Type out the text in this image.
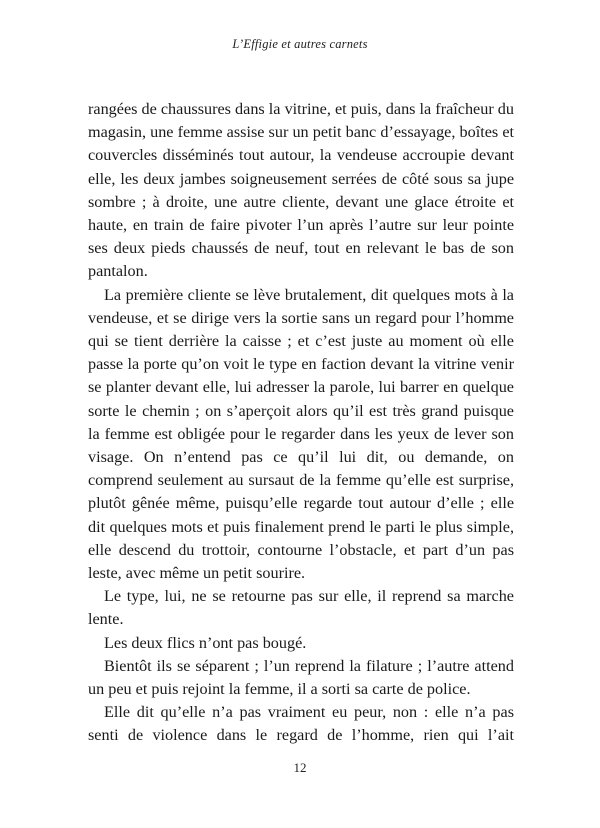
L’Effigie et autres carnets

rangées de chaussures dans la vitrine, et puis, dans la fraîcheur du magasin, une femme assise sur un petit banc d’essayage, boîtes et couvercles disséminés tout autour, la vendeuse accroupie devant elle, les deux jambes soigneusement serrées de côté sous sa jupe sombre ; à droite, une autre cliente, devant une glace étroite et haute, en train de faire pivoter l’un après l’autre sur leur pointe ses deux pieds chaussés de neuf, tout en relevant le bas de son pantalon.

La première cliente se lève brutalement, dit quelques mots à la vendeuse, et se dirige vers la sortie sans un regard pour l’homme qui se tient derrière la caisse ; et c’est juste au moment où elle passe la porte qu’on voit le type en faction devant la vitrine venir se planter devant elle, lui adresser la parole, lui barrer en quelque sorte le chemin ; on s’aperçoit alors qu’il est très grand puisque la femme est obligée pour le regarder dans les yeux de lever son visage. On n’entend pas ce qu’il lui dit, ou demande, on comprend seulement au sursaut de la femme qu’elle est surprise, plutôt gênée même, puisqu’elle regarde tout autour d’elle ; elle dit quelques mots et puis finalement prend le parti le plus simple, elle descend du trottoir, contourne l’obstacle, et part d’un pas leste, avec même un petit sourire.

Le type, lui, ne se retourne pas sur elle, il reprend sa marche lente.

Les deux flics n’ont pas bougé.

Bientôt ils se séparent ; l’un reprend la filature ; l’autre attend un peu et puis rejoint la femme, il a sorti sa carte de police.

Elle dit qu’elle n’a pas vraiment eu peur, non : elle n’a pas senti de violence dans le regard de l’homme, rien qui l’ait

12
